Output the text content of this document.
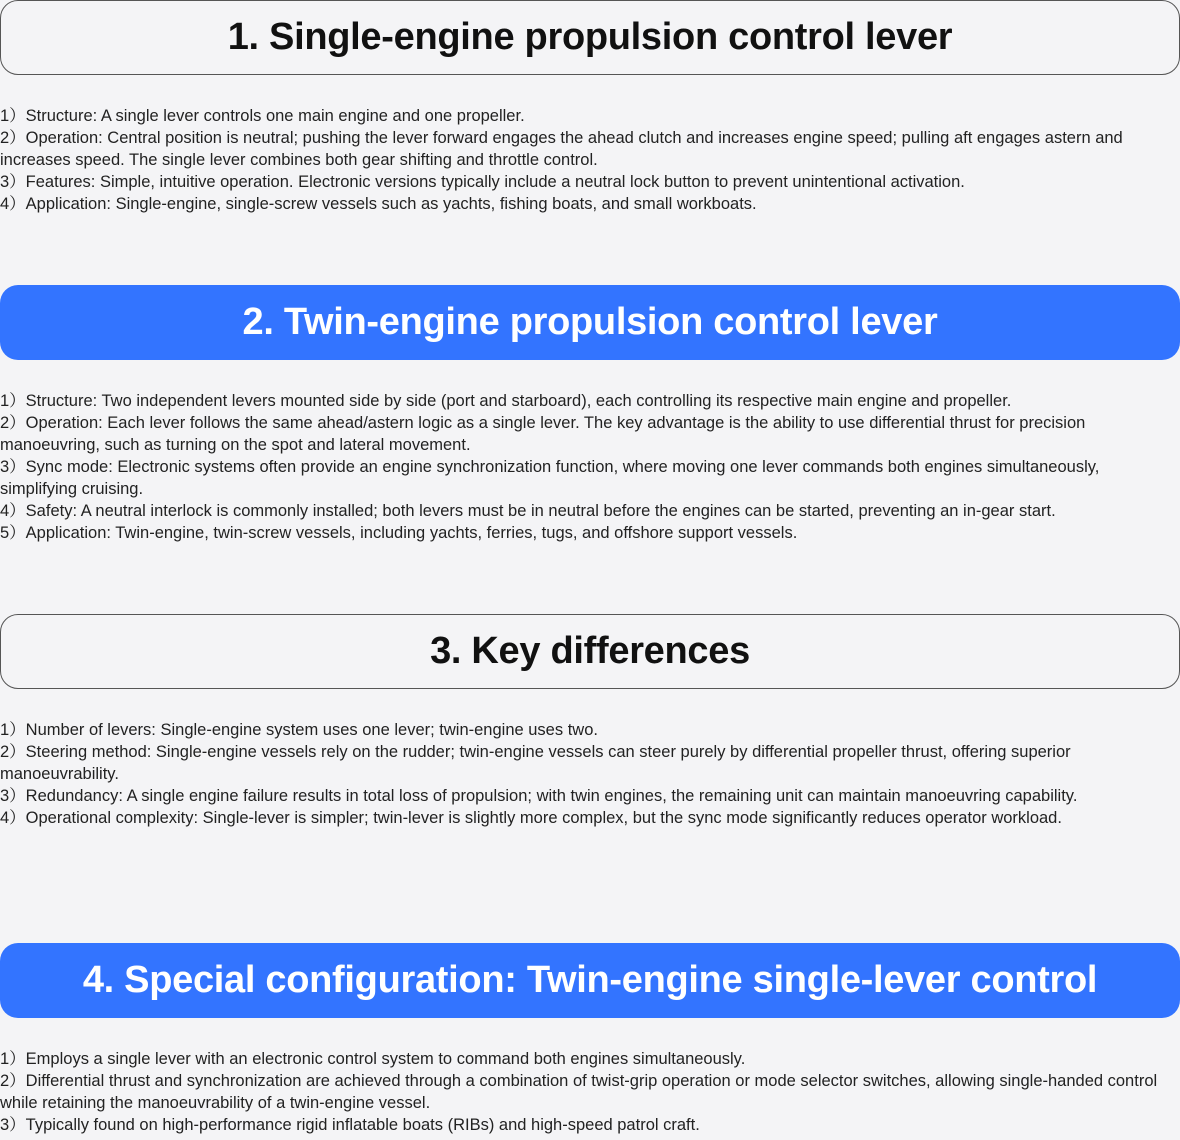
1. Single-engine propulsion control lever
1）Structure: A single lever controls one main engine and one propeller.
2）Operation: Central position is neutral; pushing the lever forward engages the ahead clutch and increases engine speed; pulling aft engages astern and increases speed. The single lever combines both gear shifting and throttle control.
3）Features: Simple, intuitive operation. Electronic versions typically include a neutral lock button to prevent unintentional activation.
4）Application: Single-engine, single-screw vessels such as yachts, fishing boats, and small workboats.
2. Twin-engine propulsion control lever
1）Structure: Two independent levers mounted side by side (port and starboard), each controlling its respective main engine and propeller.
2）Operation: Each lever follows the same ahead/astern logic as a single lever. The key advantage is the ability to use differential thrust for precision manoeuvring, such as turning on the spot and lateral movement.
3）Sync mode: Electronic systems often provide an engine synchronization function, where moving one lever commands both engines simultaneously, simplifying cruising.
4）Safety: A neutral interlock is commonly installed; both levers must be in neutral before the engines can be started, preventing an in-gear start.
5）Application: Twin-engine, twin-screw vessels, including yachts, ferries, tugs, and offshore support vessels.
3. Key differences
1）Number of levers: Single-engine system uses one lever; twin-engine uses two.
2）Steering method: Single-engine vessels rely on the rudder; twin-engine vessels can steer purely by differential propeller thrust, offering superior manoeuvrability.
3）Redundancy: A single engine failure results in total loss of propulsion; with twin engines, the remaining unit can maintain manoeuvring capability.
4）Operational complexity: Single-lever is simpler; twin-lever is slightly more complex, but the sync mode significantly reduces operator workload.
4. Special configuration: Twin-engine single-lever control
1）Employs a single lever with an electronic control system to command both engines simultaneously.
2）Differential thrust and synchronization are achieved through a combination of twist-grip operation or mode selector switches, allowing single-handed control while retaining the manoeuvrability of a twin-engine vessel.
3）Typically found on high-performance rigid inflatable boats (RIBs) and high-speed patrol craft.
